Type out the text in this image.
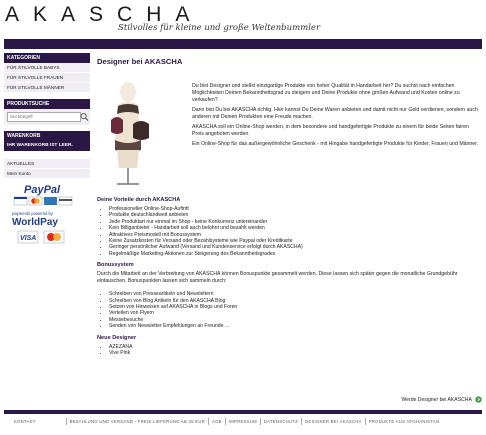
AKASCHA
Stilvolles für kleine und große Weltenbummler
KATEGORIEN
FÜR STILVOLLE BABYS
FÜR STILVOLLE FRAUEN
FÜR STILVOLLE MÄNNER
PRODUKTSUCHE
Suchbegriff
WARENKORB
IHR WARENKORB IST LEER.
AKTUELLES
Mein Konto
PayPal
payments powered by
WorldPay
VISA
Designer bei AKASCHA

Du bist Designer und stellst einzigartige Produkte von hoher Qualität in Handarbeit her? Du suchst nach einfachen Möglichkeiten Deinen Bekanntheitsgrad zu steigern und Deine Produkte ohne großen Aufwand und Kosten online zu verkaufen?

Dann bist Du bei AKASCHA richtig. Hier kannst Du Deine Waren anbieten und damit nicht nur Geld verdienen, sondern auch anderen mit Deinen Produkten eine Freude machen.

AKASCHA soll ein Online-Shop werden, in dem besondere und handgefertigte Produkte zu einem für beide Seiten fairen Preis angeboten werden.

Ein Online-Shop für das außergewöhnliche Geschenk - mit Hingabe handgefertigte Produkte für Kinder, Frauen und Männer.

Deine Vorteile durch AKASCHA
• Professioneller Online-Shop-Auftritt
• Produkte deutschlandweit anbieten
• Jede Produktart nur einmal im Shop - keine Konkurrenz untereinander
• Kein Billiganbieter - Handarbeit soll auch belohnt und bezahlt werden
• Attraktives Preismodell mit Bonussystem
• Keine Zusatzkosten für Versand oder Bezahlsysteme wie Paypal oder Kreditkarte
• Geringer persönlicher Aufwand (Versand und Kundenservice erfolgt durch AKASCHA)
• Regelmäßige Marketing-Aktionen zur Steigerung des Bekanntheitsgrades
Bonussystem

Durch die Mitarbeit an der Verbreitung von AKASCHA können Bonuspunkte gesammelt werden. Diese lassen sich später gegen die monatliche Grundgebühr eintauschen. Bonuspunkten lassen sich sammeln durch:

• Schreiben von Presseartikeln und Newslettern
• Schreiben von Blog Artikeln für den AKASCHA Blog
• Setzen von Hinweisen auf AKASCHA in Blogs und Foren
• Verteilen von Flyern
• Messebesuche
• Senden von Newsletter Empfehlungen an Freunde ...
Neue Designer
• AZEZANA
• Vive Pink
Werde Designer bei AKASCHA
KONTAKT	BEZAHLUNG UND VERSAND - FREIE LIEFERUNG AB 25 EUR AGB IMPRESSUM DATENSCHUTZ DESIGNER BEI AKASCHA PRODUKTE AUS AFGHANISTAN
